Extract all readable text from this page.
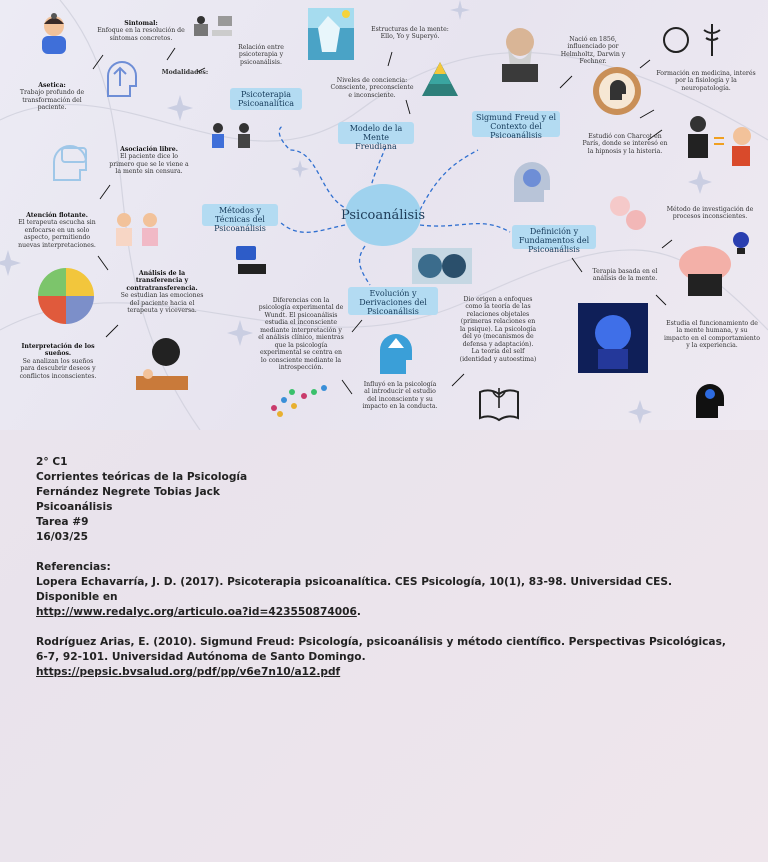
Psicoanálisis
Psicoterapia Psicoanalítica
Modelo de la Mente Freudiana
Sigmund Freud y el Contexto del Psicoanálisis
Métodos y Técnicas del Psicoanálisis	Definición y Fundamentos del Psicoanálisis
Evolución y Derivaciones del Psicoanálisis
Sintomal:
Enfoque en la resolución de síntomas concretos.
Modalidades:
Relación entre psicoterapia y psicoanálisis.
Asetica:
Trabajo profundo de transformación del paciente.
Asociación libre.
El paciente dice lo primero que se le viene a la mente sin censura.
Atención flotante.
El terapeuta escucha sin enfocarse en un solo aspecto, permitiendo nuevas interpretaciones.
Análisis de la transferencia y contratransferencia.
Se estudian las emociones del paciente hacia el terapeuta y viceversa.
Interpretación de los sueños.
Se analizan los sueños para descubrir deseos y conflictos inconscientes.
Estructuras de la mente: Ello, Yo y Superyó.
Niveles de conciencia: Consciente, preconsciente e inconsciente.
Nació en 1856, influenciado por Helmholtz, Darwin y Fechner.
Formación en medicina, interés por la fisiología y la neuropatología.
Estudió con Charcot en París, donde se interesó en la hipnosis y la histeria.
Método de investigación de procesos inconscientes.
Terapia basada en el análisis de la mente.
Estudia el funcionamiento de la mente humana, y su impacto en el comportamiento y la experiencia.
Diferencias con la psicología experimental de Wundt. El psicoanálisis estudia el inconsciente mediante interpretación y el análisis clínico, mientras que la psicología experimental se centra en lo consciente mediante la introspección.
Influyó en la psicología al introducir el estudio del inconsciente y su impacto en la conducta.
Dio origen a enfoques como la teoría de las relaciones objetales (primeras relaciones en la psique). La psicología del yo (mecanismos de defensa y adaptación). La teoría del self (identidad y autoestima)
2° C1
Corrientes teóricas de la Psicología
Fernández Negrete Tobias Jack
Psicoanálisis
Tarea #9
16/03/25
Referencias:
Lopera Echavarría, J. D. (2017). Psicoterapia psicoanalítica. CES Psicología, 10(1), 83-98. Universidad CES. Disponible en
http://www.redalyc.org/articulo.oa?id=423550874006.
Rodríguez Arias, E. (2010). Sigmund Freud: Psicología, psicoanálisis y método científico. Perspectivas Psicológicas, 6-7, 92-101. Universidad Autónoma de Santo Domingo.
https://pepsic.bvsalud.org/pdf/pp/v6e7n10/a12.pdf
